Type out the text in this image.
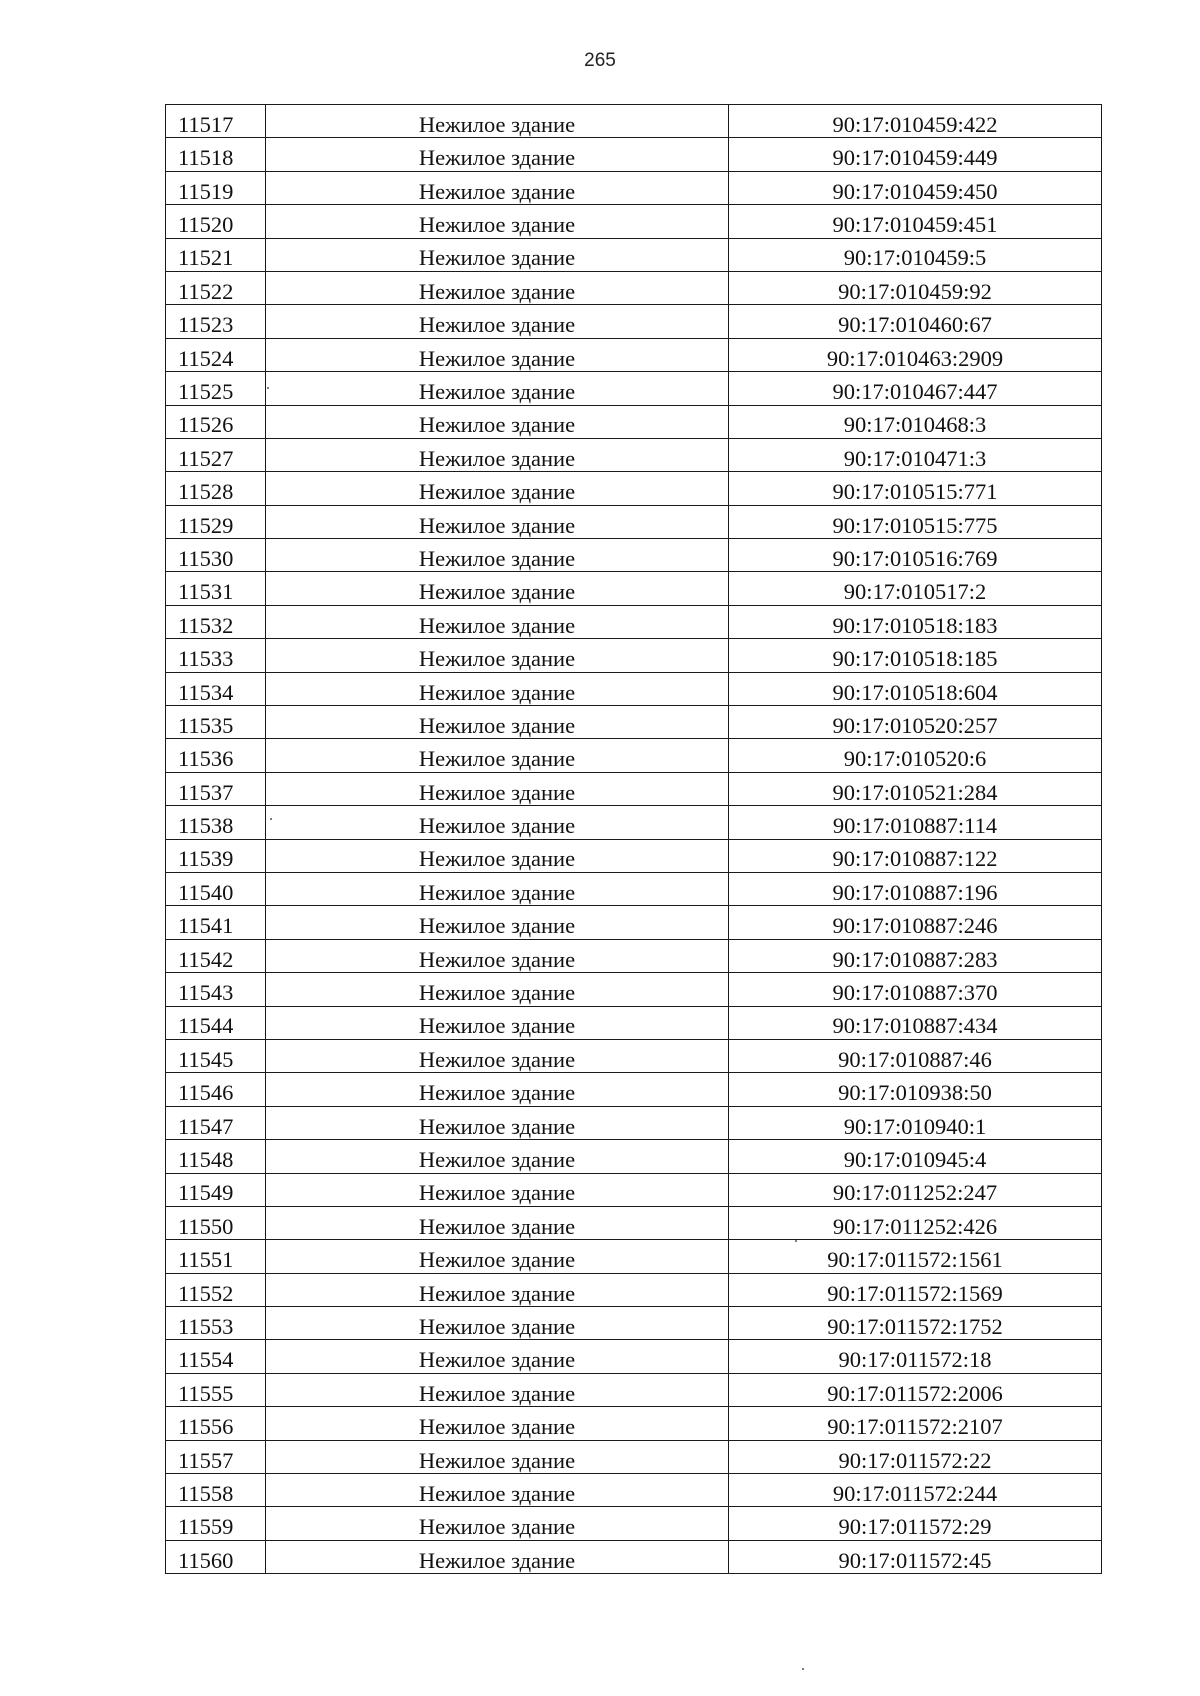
265
11517	Нежилое здание	90:17:010459:422
11518	Нежилое здание	90:17:010459:449
11519	Нежилое здание	90:17:010459:450
11520	Нежилое здание	90:17:010459:451
11521	Нежилое здание	90:17:010459:5
11522	Нежилое здание	90:17:010459:92
11523	Нежилое здание	90:17:010460:67
11524	Нежилое здание	90:17:010463:2909
11525	Нежилое здание	90:17:010467:447
11526	Нежилое здание	90:17:010468:3
11527	Нежилое здание	90:17:010471:3
11528	Нежилое здание	90:17:010515:771
11529	Нежилое здание	90:17:010515:775
11530	Нежилое здание	90:17:010516:769
11531	Нежилое здание	90:17:010517:2
11532	Нежилое здание	90:17:010518:183
11533	Нежилое здание	90:17:010518:185
11534	Нежилое здание	90:17:010518:604
11535	Нежилое здание	90:17:010520:257
11536	Нежилое здание	90:17:010520:6
11537	Нежилое здание	90:17:010521:284
11538	Нежилое здание	90:17:010887:114
11539	Нежилое здание	90:17:010887:122
11540	Нежилое здание	90:17:010887:196
11541	Нежилое здание	90:17:010887:246
11542	Нежилое здание	90:17:010887:283
11543	Нежилое здание	90:17:010887:370
11544	Нежилое здание	90:17:010887:434
11545	Нежилое здание	90:17:010887:46
11546	Нежилое здание	90:17:010938:50
11547	Нежилое здание	90:17:010940:1
11548	Нежилое здание	90:17:010945:4
11549	Нежилое здание	90:17:011252:247
11550	Нежилое здание	90:17:011252:426
11551	Нежилое здание	90:17:011572:1561
11552	Нежилое здание	90:17:011572:1569
11553	Нежилое здание	90:17:011572:1752
11554	Нежилое здание	90:17:011572:18
11555	Нежилое здание	90:17:011572:2006
11556	Нежилое здание	90:17:011572:2107
11557	Нежилое здание	90:17:011572:22
11558	Нежилое здание	90:17:011572:244
11559	Нежилое здание	90:17:011572:29
11560	Нежилое здание	90:17:011572:45
